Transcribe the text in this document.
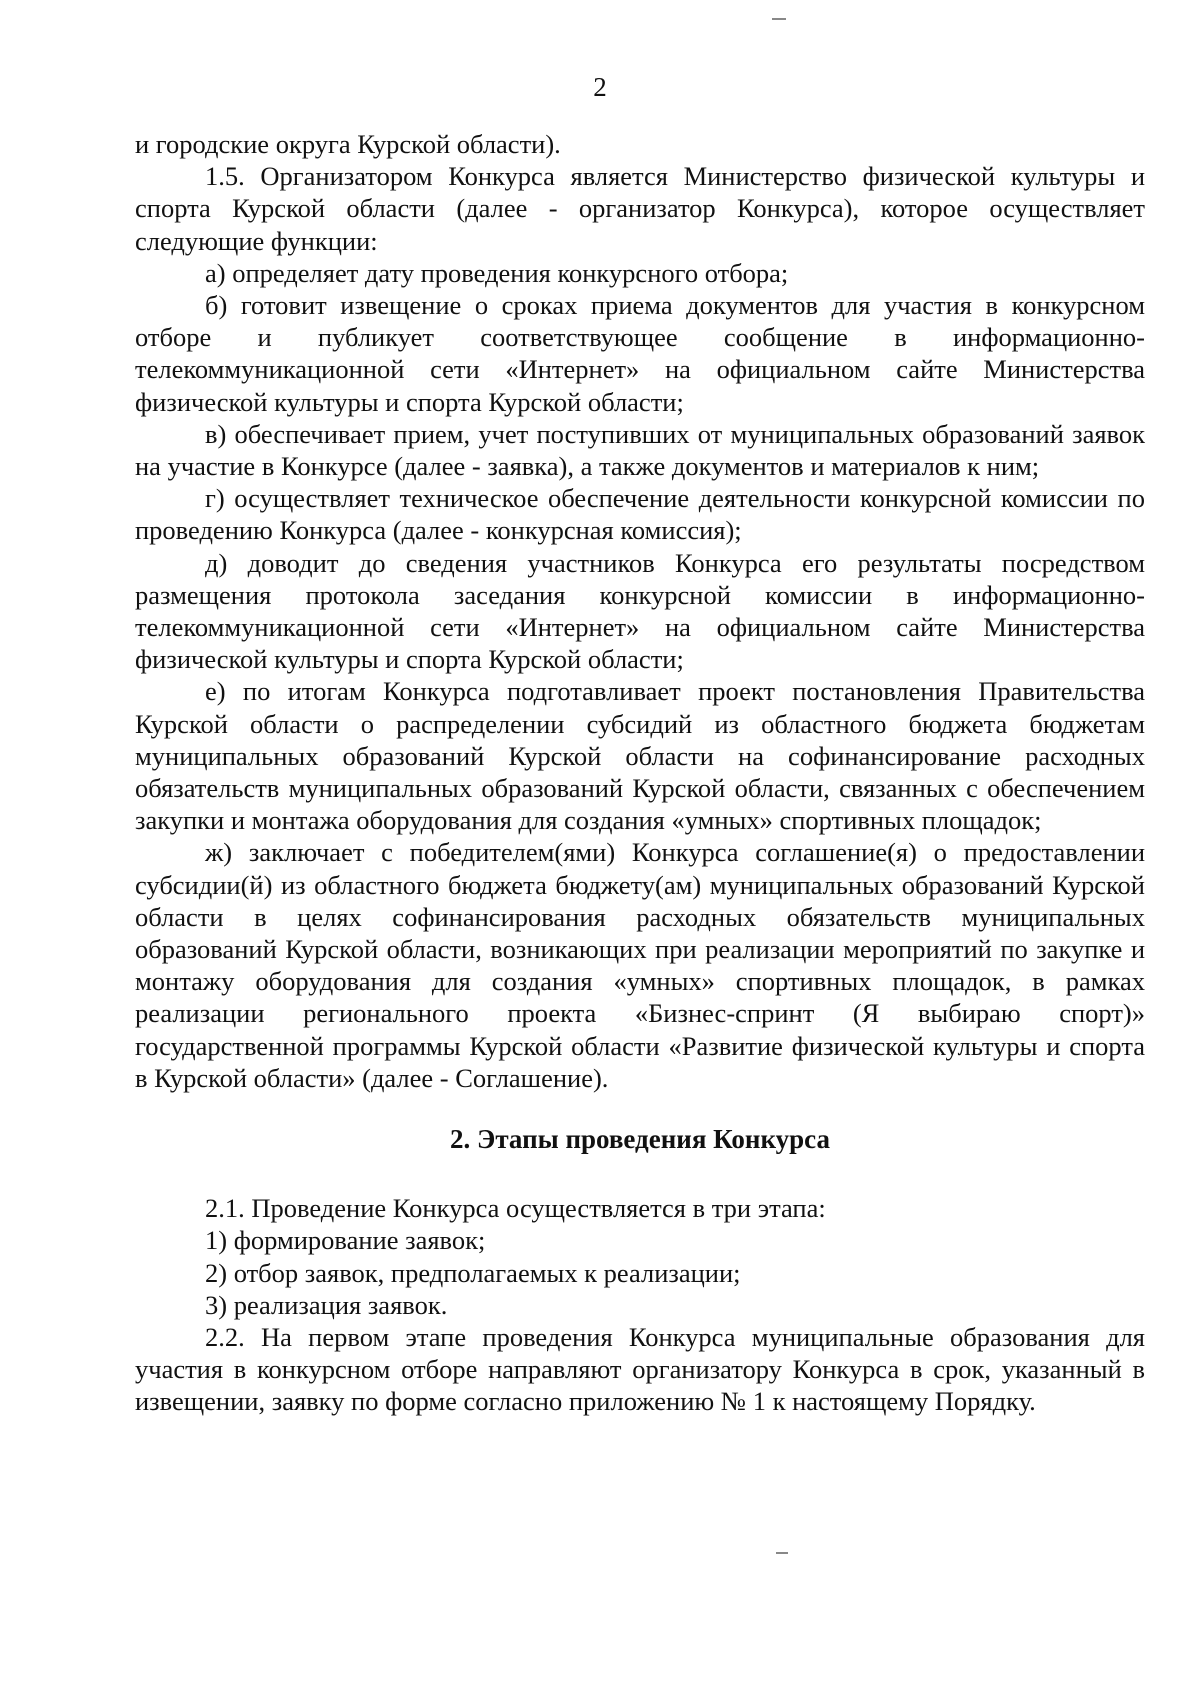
2

и городские округа Курской области).

1.5. Организатором Конкурса является Министерство физической культуры и спорта Курской области (далее - организатор Конкурса), которое осуществляет следующие функции:

а) определяет дату проведения конкурсного отбора;

б) готовит извещение о сроках приема документов для участия в конкурсном отборе и публикует соответствующее сообщение в информационно-телекоммуникационной сети «Интернет» на официальном сайте Министерства физической культуры и спорта Курской области;

в) обеспечивает прием, учет поступивших от муниципальных образований заявок на участие в Конкурсе (далее - заявка), а также документов и материалов к ним;

г) осуществляет техническое обеспечение деятельности конкурсной комиссии по проведению Конкурса (далее - конкурсная комиссия);

д) доводит до сведения участников Конкурса его результаты посредством размещения протокола заседания конкурсной комиссии в информационно-телекоммуникационной сети «Интернет» на официальном сайте Министерства физической культуры и спорта Курской области;

е) по итогам Конкурса подготавливает проект постановления Правительства Курской области о распределении субсидий из областного бюджета бюджетам муниципальных образований Курской области на софинансирование расходных обязательств муниципальных образований Курской области, связанных с обеспечением закупки и монтажа оборудования для создания «умных» спортивных площадок;

ж) заключает с победителем(ями) Конкурса соглашение(я) о предоставлении субсидии(й) из областного бюджета бюджету(ам) муниципальных образований Курской области в целях софинансирования расходных обязательств муниципальных образований Курской области, возникающих при реализации мероприятий по закупке и монтажу оборудования для создания «умных» спортивных площадок, в рамках реализации регионального проекта «Бизнес-спринт (Я выбираю спорт)» государственной программы Курской области «Развитие физической культуры и спорта в Курской области» (далее - Соглашение).

2. Этапы проведения Конкурса

2.1. Проведение Конкурса осуществляется в три этапа:

1) формирование заявок;

2) отбор заявок, предполагаемых к реализации;

3) реализация заявок.

2.2. На первом этапе проведения Конкурса муниципальные образования для участия в конкурсном отборе направляют организатору Конкурса в срок, указанный в извещении, заявку по форме согласно приложению № 1 к настоящему Порядку.
